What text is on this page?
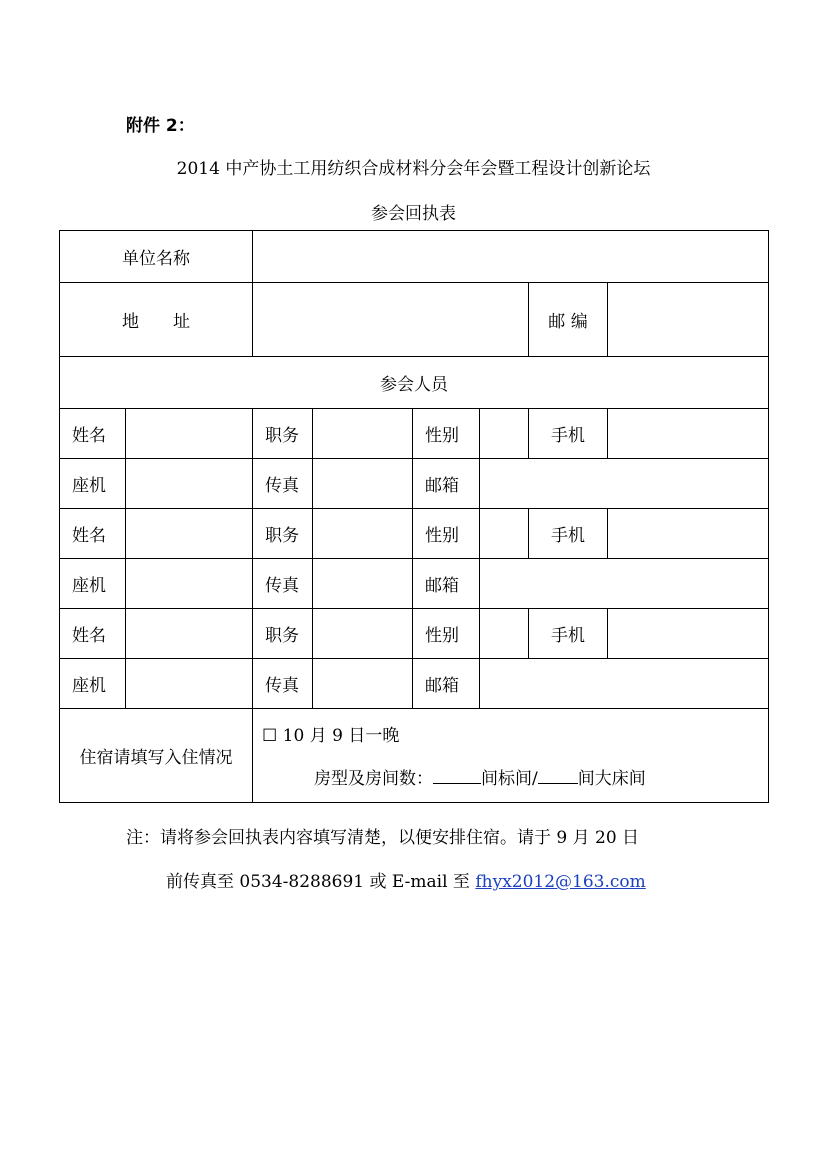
附件 2：
2014 中产协土工用纺织合成材料分会年会暨工程设计创新论坛
参会回执表
单位名称							
地　　址						邮 编	
参会人员							
姓名		职务		性别		手机	
座机		传真		邮箱			
姓名		职务		性别		手机	
座机		传真		邮箱			
姓名		职务		性别		手机	
座机		传真		邮箱			
住宿请填写入住情况		☐ 10 月 9 日一晚
房型及房间数： 间标间/ 间大床间					
注：请将参会回执表内容填写清楚，以便安排住宿。请于 9 月 20 日
前传真至 0534-8288691 或 E-mail 至 fhyx2012@163.com
